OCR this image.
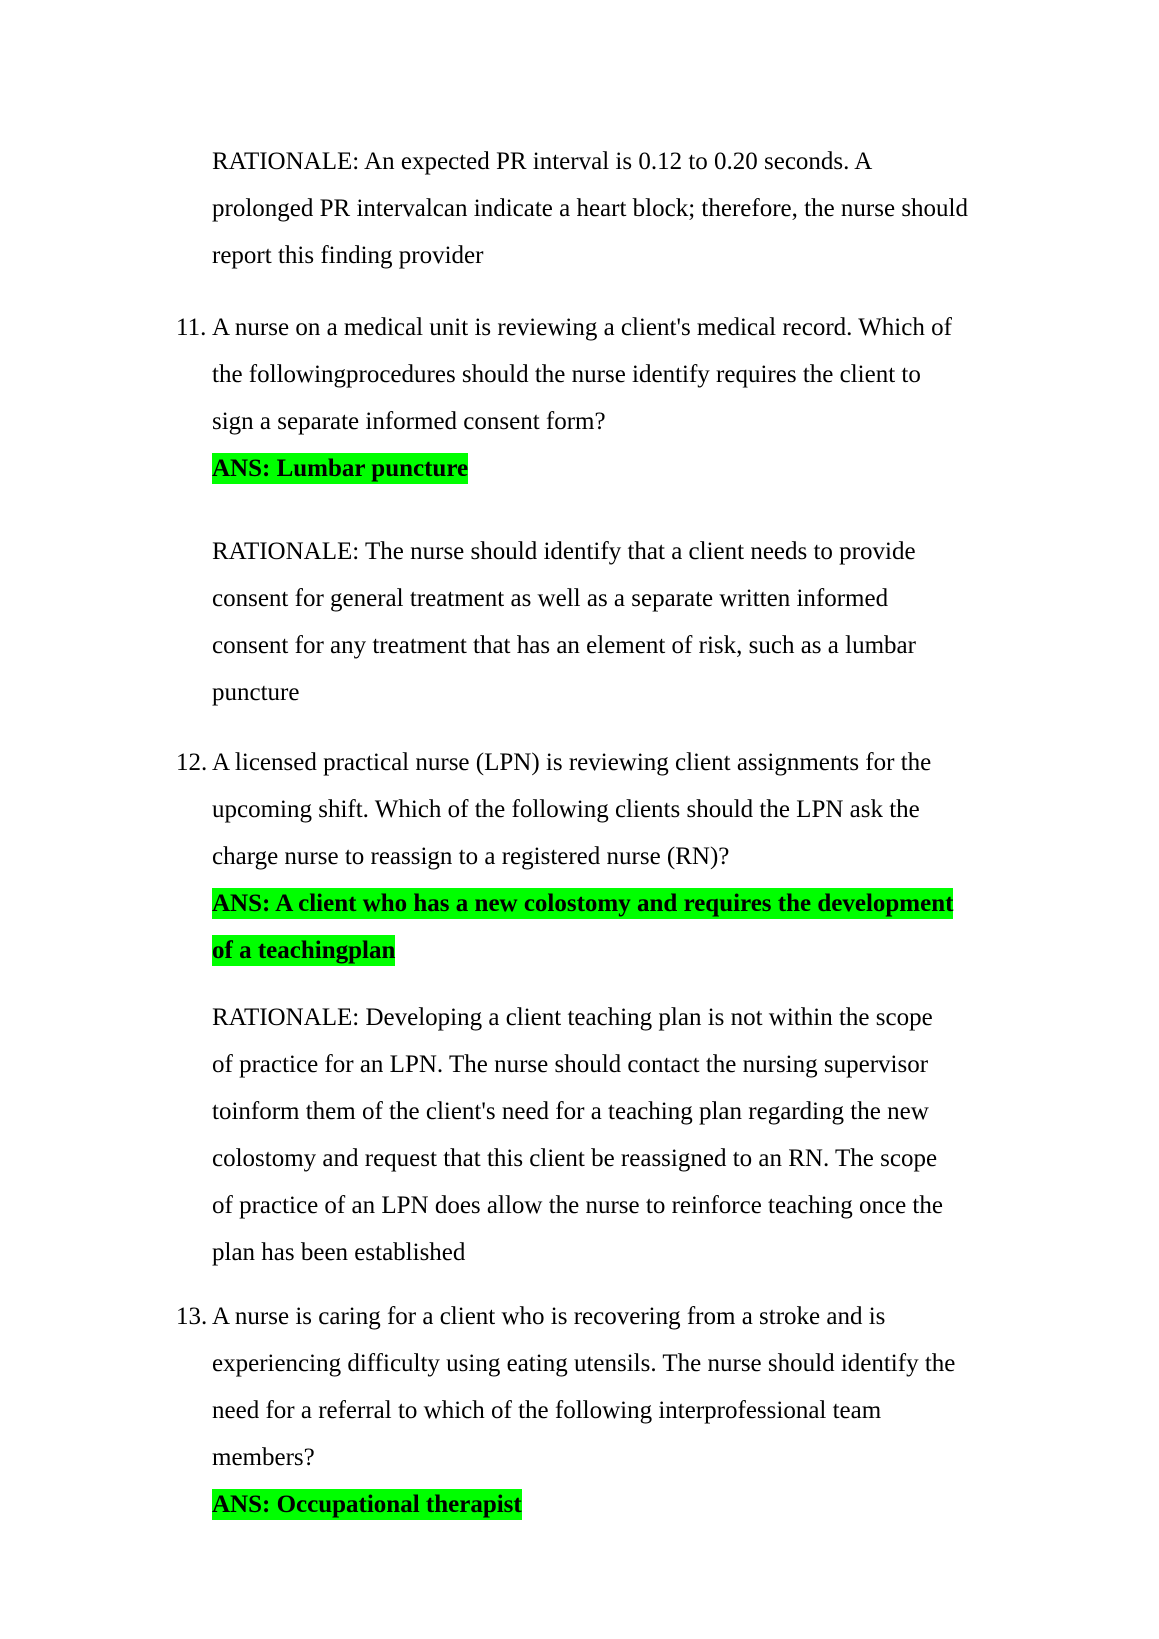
RATIONALE: An expected PR interval is 0.12 to 0.20 seconds. A
prolonged PR intervalcan indicate a heart block; therefore, the nurse should
report this finding provider
11. A nurse on a medical unit is reviewing a client's medical record. Which of
the followingprocedures should the nurse identify requires the client to
sign a separate informed consent form?
ANS: Lumbar puncture
RATIONALE: The nurse should identify that a client needs to provide
consent for general treatment as well as a separate written informed
consent for any treatment that has an element of risk, such as a lumbar
puncture
12. A licensed practical nurse (LPN) is reviewing client assignments for the
upcoming shift. Which of the following clients should the LPN ask the
charge nurse to reassign to a registered nurse (RN)?
ANS: A client who has a new colostomy and requires the development
of a teachingplan
RATIONALE: Developing a client teaching plan is not within the scope
of practice for an LPN. The nurse should contact the nursing supervisor
toinform them of the client's need for a teaching plan regarding the new
colostomy and request that this client be reassigned to an RN. The scope
of practice of an LPN does allow the nurse to reinforce teaching once the
plan has been established
13. A nurse is caring for a client who is recovering from a stroke and is
experiencing difficulty using eating utensils. The nurse should identify the
need for a referral to which of the following interprofessional team
members?
ANS: Occupational therapist
